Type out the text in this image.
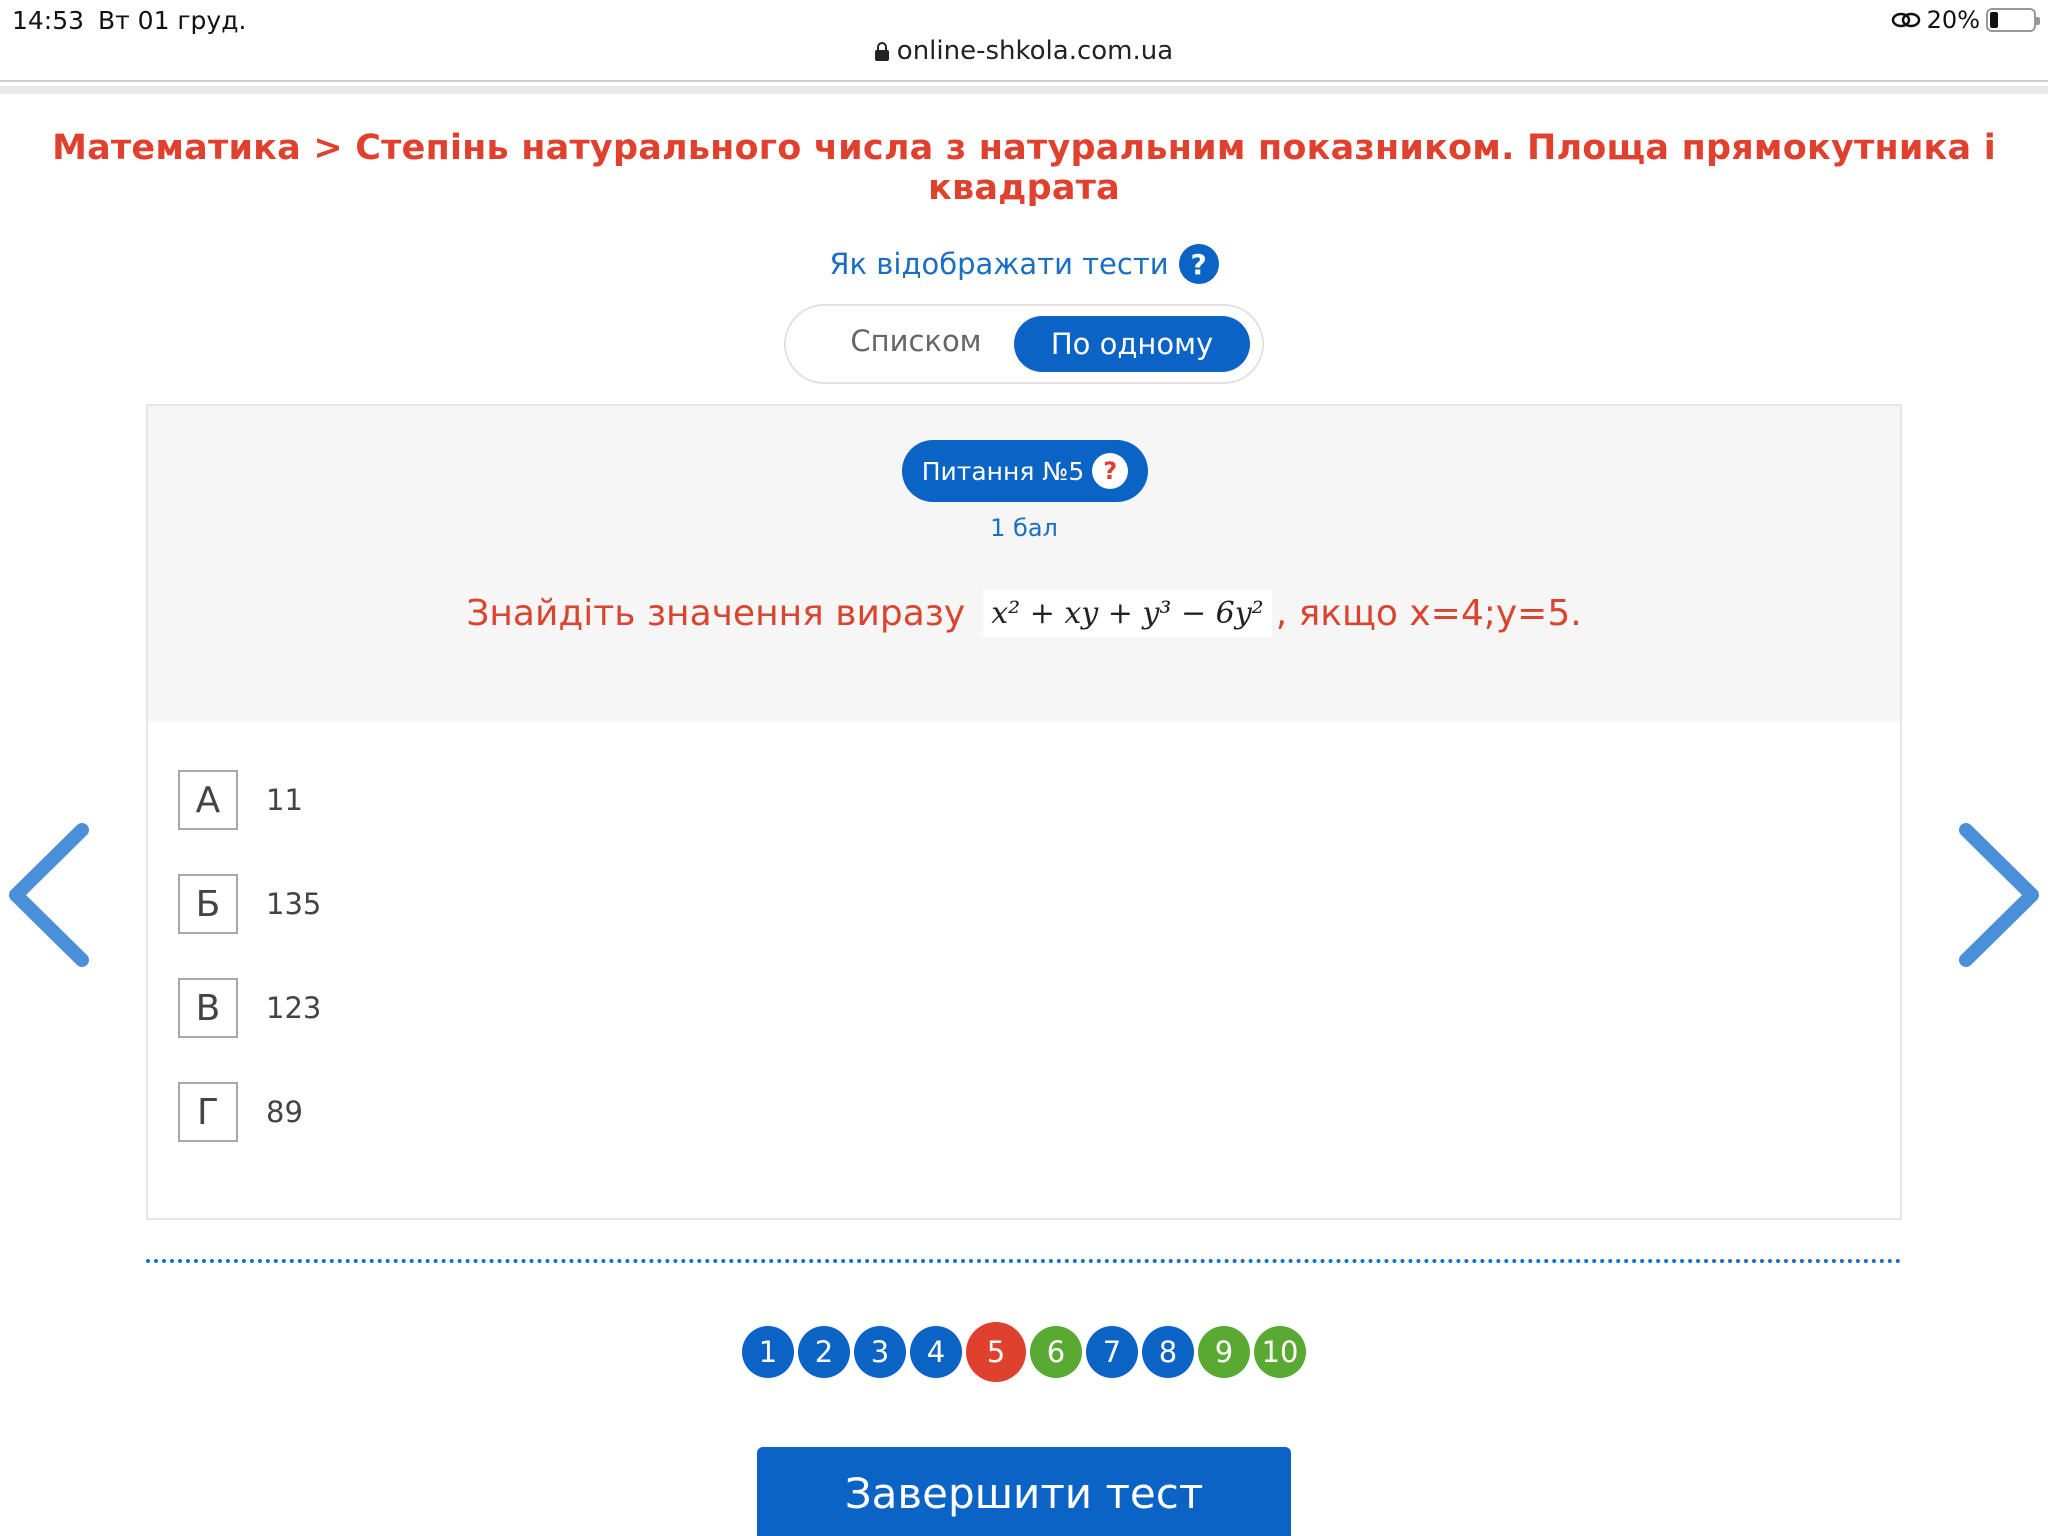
14:53 Вт 01 груд.	20%
online-shkola.com.ua
Математика > Степінь натурального числа з натуральним показником. Площа прямокутника і квадрата
Як відображати тести ?
Списком	По одному
Питання №5 ?
1 бал
Знайдіть значення виразу x² + xy + y³ − 6y² , якщо x=4;y=5.
А	11
Б	135
В	123
Г	89
1	2	3	4	5	6	7	8	9 10
Завершити тест
